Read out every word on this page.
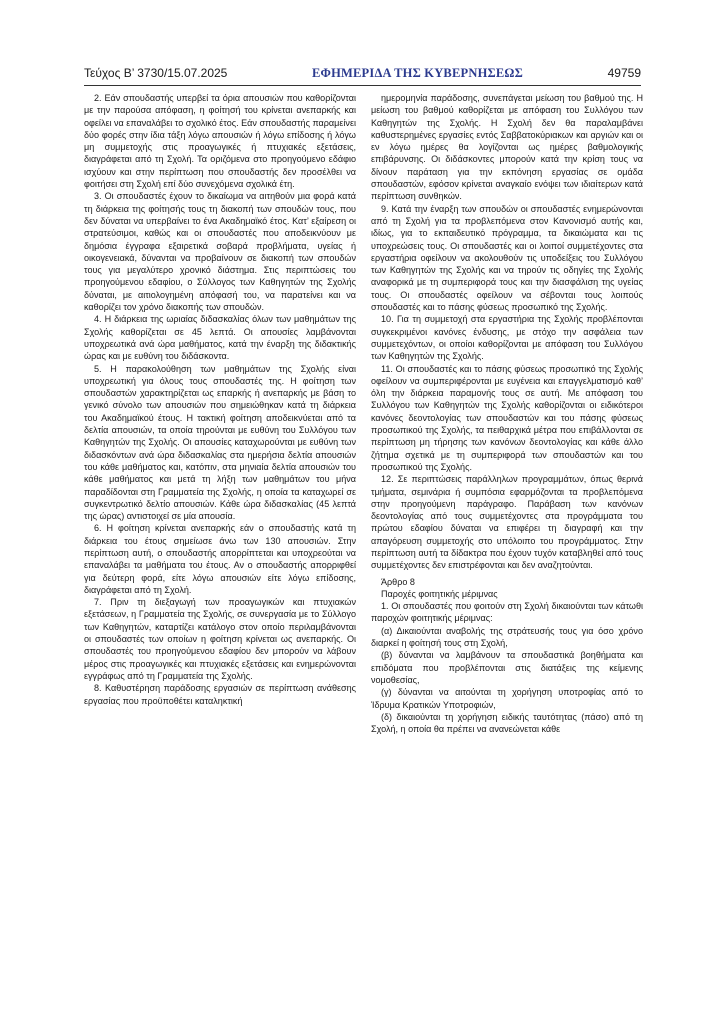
Τεύχος B’ 3730/15.07.2025	ΕΦΗΜΕΡΙΔΑ ΤΗΣ ΚΥΒΕΡΝΗΣΕΩΣ	49759

2. Εάν σπουδαστής υπερβεί τα όρια απουσιών που καθορίζονται με την παρούσα απόφαση, η φοίτησή του κρίνεται ανεπαρκής και οφείλει να επαναλάβει το σχολικό έτος. Εάν σπουδαστής παραμείνει δύο φορές στην ίδια τάξη λόγω απουσιών ή λόγω επίδοσης ή λόγω μη συμμετοχής στις προαγωγικές ή πτυχιακές εξετάσεις, διαγράφεται από τη Σχολή. Τα οριζόμενα στο προηγούμενο εδάφιο ισχύουν και στην περίπτωση που σπουδαστής δεν προσέλθει να φοιτήσει στη Σχολή επί δύο συνεχόμενα σχολικά έτη.

3. Οι σπουδαστές έχουν το δικαίωμα να αιτηθούν μια φορά κατά τη διάρκεια της φοίτησής τους τη διακοπή των σπουδών τους, που δεν δύναται να υπερβαίνει το ένα Ακαδημαϊκό έτος. Κατ’ εξαίρεση οι στρατεύσιμοι, καθώς και οι σπουδαστές που αποδεικνύουν με δημόσια έγγραφα εξαιρετικά σοβαρά προβλήματα, υγείας ή οικογενειακά, δύνανται να προβαίνουν σε διακοπή των σπουδών τους για μεγαλύτερο χρονικό διάστημα. Στις περιπτώσεις του προηγούμενου εδαφίου, ο Σύλλογος των Καθηγητών της Σχολής δύναται, με αιτιολογημένη απόφασή του, να παρατείνει και να καθορίζει τον χρόνο διακοπής των σπουδών.

4. Η διάρκεια της ωριαίας διδασκαλίας όλων των μαθημάτων της Σχολής καθορίζεται σε 45 λεπτά. Οι απουσίες λαμβάνονται υποχρεωτικά ανά ώρα μαθήματος, κατά την έναρξη της διδακτικής ώρας και με ευθύνη του διδάσκοντα.

5. Η παρακολούθηση των μαθημάτων της Σχολής είναι υποχρεωτική για όλους τους σπουδαστές της. Η φοίτηση των σπουδαστών χαρακτηρίζεται ως επαρκής ή ανεπαρκής με βάση το γενικό σύνολο των απουσιών που σημειώθηκαν κατά τη διάρκεια του Ακαδημαϊκού έτους. Η τακτική φοίτηση αποδεικνύεται από τα δελτία απουσιών, τα οποία τηρούνται με ευθύνη του Συλλόγου των Καθηγητών της Σχολής. Οι απουσίες καταχωρούνται με ευθύνη των διδασκόντων ανά ώρα διδασκαλίας στα ημερήσια δελτία απουσιών του κάθε μαθήματος και, κατόπιν, στα μηνιαία δελτία απουσιών του κάθε μαθήματος και μετά τη λήξη των μαθημάτων του μήνα παραδίδονται στη Γραμματεία της Σχολής, η οποία τα καταχωρεί σε συγκεντρωτικό δελτίο απουσιών. Κάθε ώρα διδασκαλίας (45 λεπτά της ώρας) αντιστοιχεί σε μία απουσία.

6. Η φοίτηση κρίνεται ανεπαρκής εάν ο σπουδαστής κατά τη διάρκεια του έτους σημείωσε άνω των 130 απουσιών. Στην περίπτωση αυτή, ο σπουδαστής απορρίπτεται και υποχρεούται να επαναλάβει τα μαθήματα του έτους. Αν ο σπουδαστής απορριφθεί για δεύτερη φορά, είτε λόγω απουσιών είτε λόγω επίδοσης, διαγράφεται από τη Σχολή.

7. Πριν τη διεξαγωγή των προαγωγικών και πτυχιακών εξετάσεων, η Γραμματεία της Σχολής, σε συνεργασία με το Σύλλογο των Καθηγητών, καταρτίζει κατάλογο στον οποίο περιλαμβάνονται οι σπουδαστές των οποίων η φοίτηση κρίνεται ως ανεπαρκής. Οι σπουδαστές του προηγούμενου εδαφίου δεν μπορούν να λάβουν μέρος στις προαγωγικές και πτυχιακές εξετάσεις και ενημερώνονται εγγράφως από τη Γραμματεία της Σχολής.

8. Καθυστέρηση παράδοσης εργασιών σε περίπτωση ανάθεσης εργασίας που προϋποθέτει καταληκτική

ημερομηνία παράδοσης, συνεπάγεται μείωση του βαθμού της. Η μείωση του βαθμού καθορίζεται με απόφαση του Συλλόγου των Καθηγητών της Σχολής. Η Σχολή δεν θα παραλαμβάνει καθυστερημένες εργασίες εντός Σαββατοκύριακων και αργιών και οι εν λόγω ημέρες θα λογίζονται ως ημέρες βαθμολογικής επιβάρυνσης. Οι διδάσκοντες μπορούν κατά την κρίση τους να δίνουν παράταση για την εκπόνηση εργασίας σε ομάδα σπουδαστών, εφόσον κρίνεται αναγκαίο ενόψει των ιδιαίτερων κατά περίπτωση συνθηκών.

9. Κατά την έναρξη των σπουδών οι σπουδαστές ενημερώνονται από τη Σχολή για τα προβλεπόμενα στον Κανονισμό αυτής και, ιδίως, για το εκπαιδευτικό πρόγραμμα, τα δικαιώματα και τις υποχρεώσεις τους. Οι σπουδαστές και οι λοιποί συμμετέχοντες στα εργαστήρια οφείλουν να ακολουθούν τις υποδείξεις του Συλλόγου των Καθηγητών της Σχολής και να τηρούν τις οδηγίες της Σχολής αναφορικά με τη συμπεριφορά τους και την διασφάλιση της υγείας τους. Οι σπουδαστές οφείλουν να σέβονται τους λοιπούς σπουδαστές και το πάσης φύσεως προσωπικό της Σχολής.

10. Για τη συμμετοχή στα εργαστήρια της Σχολής προβλέπονται συγκεκριμένοι κανόνες ένδυσης, με στόχο την ασφάλεια των συμμετεχόντων, οι οποίοι καθορίζονται με απόφαση του Συλλόγου των Καθηγητών της Σχολής.

11. Οι σπουδαστές και το πάσης φύσεως προσωπικό της Σχολής οφείλουν να συμπεριφέρονται με ευγένεια και επαγγελματισμό καθ’ όλη την διάρκεια παραμονής τους σε αυτή. Με απόφαση του Συλλόγου των Καθηγητών της Σχολής καθορίζονται οι ειδικότεροι κανόνες δεοντολογίας των σπουδαστών και του πάσης φύσεως προσωπικού της Σχολής, τα πειθαρχικά μέτρα που επιβάλλονται σε περίπτωση μη τήρησης των κανόνων δεοντολογίας και κάθε άλλο ζήτημα σχετικά με τη συμπεριφορά των σπουδαστών και του προσωπικού της Σχολής.

12. Σε περιπτώσεις παράλληλων προγραμμάτων, όπως θερινά τμήματα, σεμινάρια ή συμπόσια εφαρμόζονται τα προβλεπόμενα στην προηγούμενη παράγραφο. Παράβαση των κανόνων δεοντολογίας από τους συμμετέχοντες στα προγράμματα του πρώτου εδαφίου δύναται να επιφέρει τη διαγραφή και την απαγόρευση συμμετοχής στο υπόλοιπο του προγράμματος. Στην περίπτωση αυτή τα δίδακτρα που έχουν τυχόν καταβληθεί από τους συμμετέχοντες δεν επιστρέφονται και δεν αναζητούνται.

Άρθρο 8

Παροχές φοιτητικής μέριμνας

1. Οι σπουδαστές που φοιτούν στη Σχολή δικαιούνται των κάτωθι παροχών φοιτητικής μέριμνας:

(α) Δικαιούνται αναβολής της στράτευσής τους για όσο χρόνο διαρκεί η φοίτησή τους στη Σχολή,

(β) δύνανται να λαμβάνουν τα σπουδαστικά βοηθήματα και επιδόματα που προβλέπονται στις διατάξεις της κείμενης νομοθεσίας,

(γ) δύνανται να αιτούνται τη χορήγηση υποτροφίας από το Ίδρυμα Κρατικών Υποτροφιών,

(δ) δικαιούνται τη χορήγηση ειδικής ταυτότητας (πάσο) από τη Σχολή, η οποία θα πρέπει να ανανεώνεται κάθε
